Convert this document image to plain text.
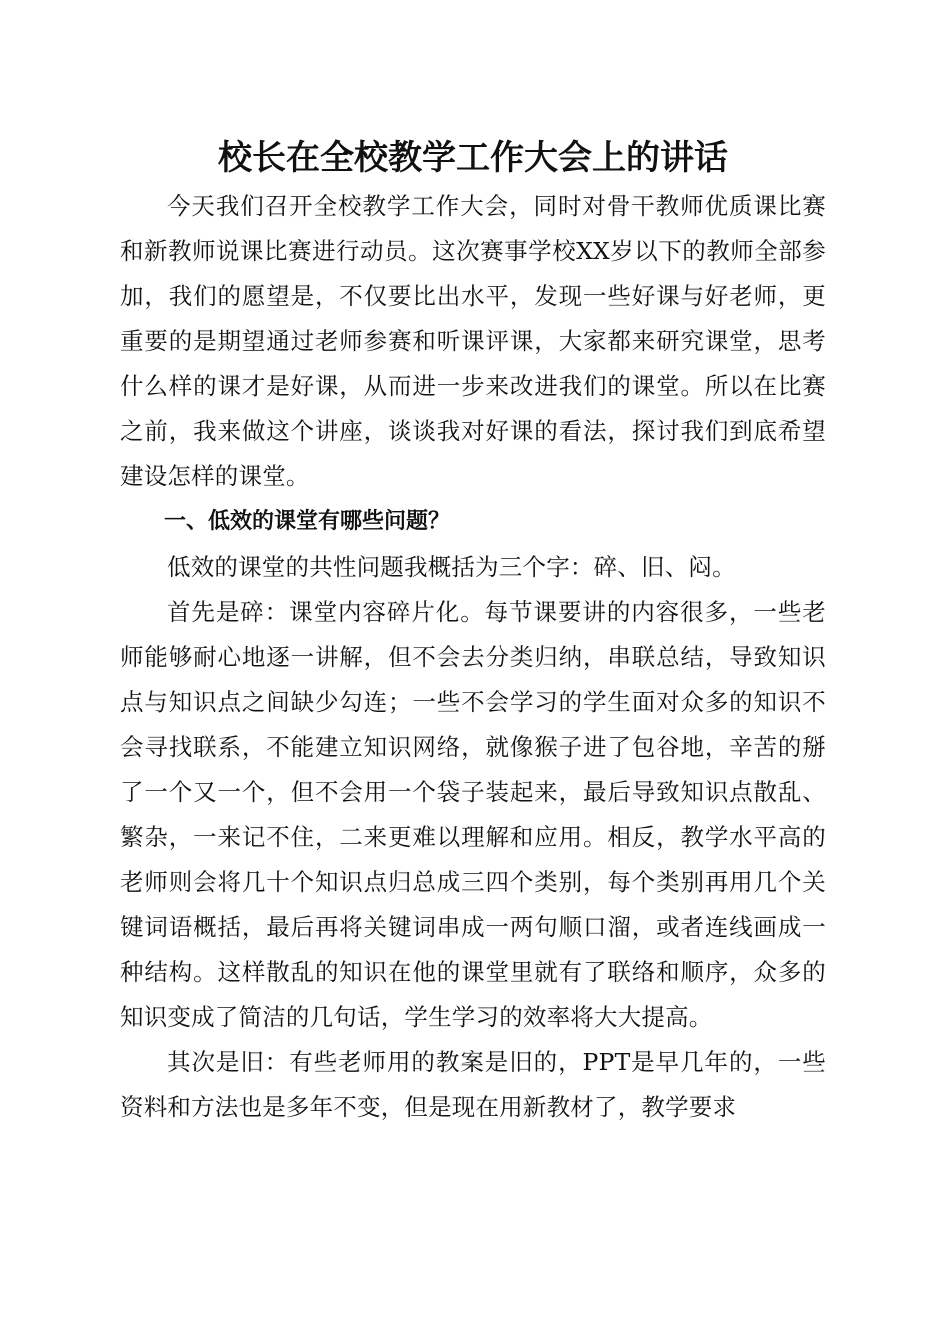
校长在全校教学工作大会上的讲话

今天我们召开全校教学工作大会，同时对骨干教师优质课比赛和新教师说课比赛进行动员。这次赛事学校XX岁以下的教师全部参加，我们的愿望是，不仅要比出水平，发现一些好课与好老师，更重要的是期望通过老师参赛和听课评课，大家都来研究课堂，思考什么样的课才是好课，从而进一步来改进我们的课堂。所以在比赛之前，我来做这个讲座，谈谈我对好课的看法，探讨我们到底希望建设怎样的课堂。

一、低效的课堂有哪些问题？

低效的课堂的共性问题我概括为三个字：碎、旧、闷。

首先是碎：课堂内容碎片化。每节课要讲的内容很多，一些老师能够耐心地逐一讲解，但不会去分类归纳，串联总结，导致知识点与知识点之间缺少勾连；一些不会学习的学生面对众多的知识不会寻找联系，不能建立知识网络，就像猴子进了包谷地，辛苦的掰了一个又一个，但不会用一个袋子装起来，最后导致知识点散乱、繁杂，一来记不住，二来更难以理解和应用。相反，教学水平高的老师则会将几十个知识点归总成三四个类别，每个类别再用几个关键词语概括，最后再将关键词串成一两句顺口溜，或者连线画成一种结构。这样散乱的知识在他的课堂里就有了联络和顺序，众多的知识变成了简洁的几句话，学生学习的效率将大大提高。

其次是旧：有些老师用的教案是旧的，PPT是早几年的，一些资料和方法也是多年不变，但是现在用新教材了，教学要求
